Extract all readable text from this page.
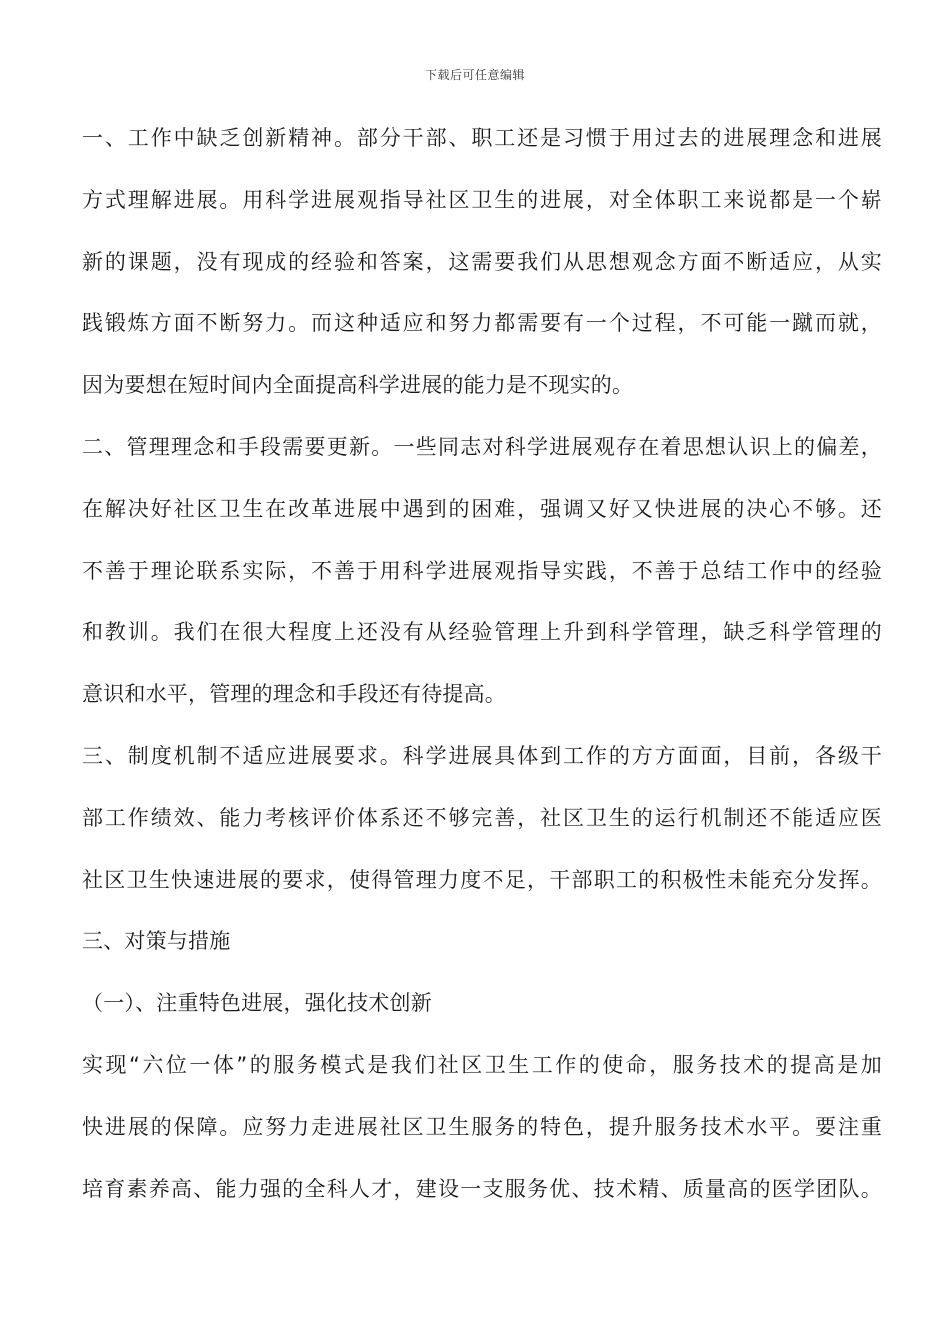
下载后可任意编辑
一、工作中缺乏创新精神。部分干部、职工还是习惯于用过去的进展理念和进展
方式理解进展。用科学进展观指导社区卫生的进展，对全体职工来说都是一个崭
新的课题，没有现成的经验和答案，这需要我们从思想观念方面不断适应，从实
践锻炼方面不断努力。而这种适应和努力都需要有一个过程，不可能一蹴而就，
因为要想在短时间内全面提高科学进展的能力是不现实的。
二、管理理念和手段需要更新。一些同志对科学进展观存在着思想认识上的偏差，
在解决好社区卫生在改革进展中遇到的困难，强调又好又快进展的决心不够。还
不善于理论联系实际，不善于用科学进展观指导实践，不善于总结工作中的经验
和教训。我们在很大程度上还没有从经验管理上升到科学管理，缺乏科学管理的
意识和水平，管理的理念和手段还有待提高。
三、制度机制不适应进展要求。科学进展具体到工作的方方面面，目前，各级干
部工作绩效、能力考核评价体系还不够完善，社区卫生的运行机制还不能适应医
社区卫生快速进展的要求，使得管理力度不足，干部职工的积极性未能充分发挥。
三、对策与措施
（一）、注重特色进展，强化技术创新
实现“六位一体”的服务模式是我们社区卫生工作的使命，服务技术的提高是加
快进展的保障。应努力走进展社区卫生服务的特色，提升服务技术水平。要注重
培育素养高、能力强的全科人才，建设一支服务优、技术精、质量高的医学团队。
